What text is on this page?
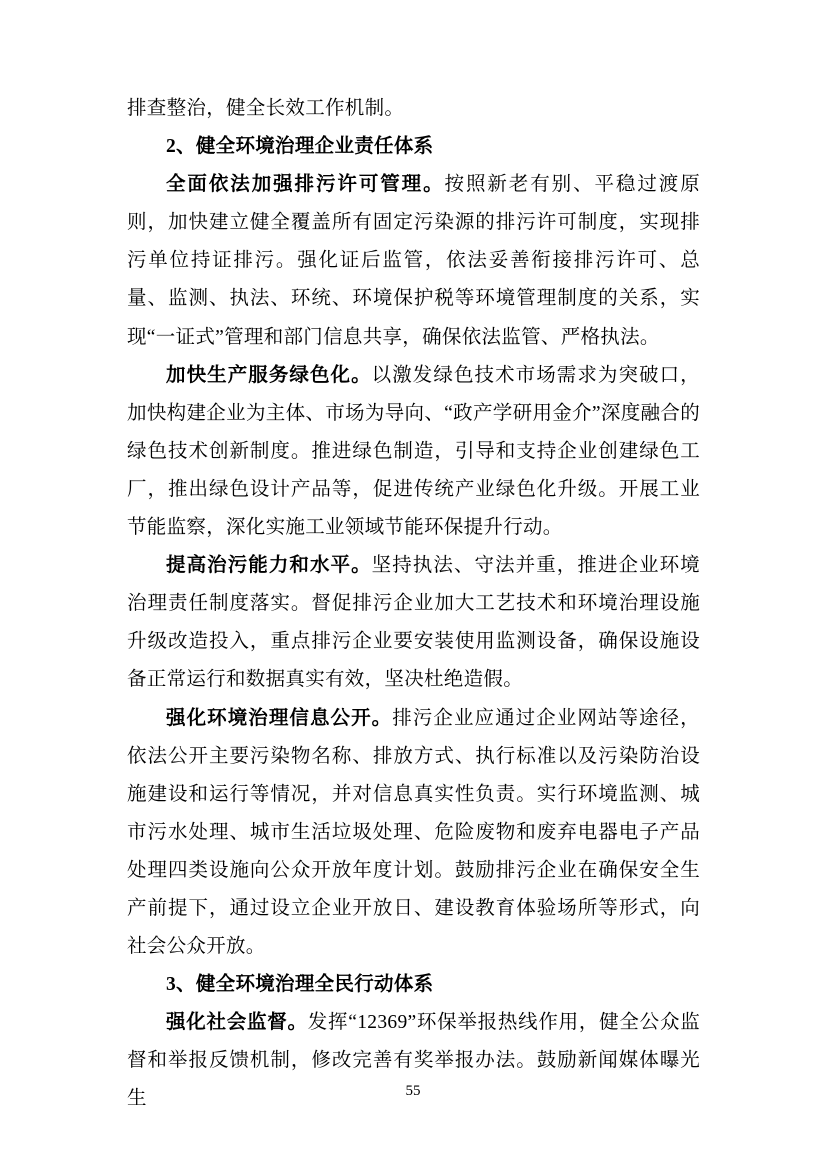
排查整治，健全长效工作机制。

2、健全环境治理企业责任体系

全面依法加强排污许可管理。按照新老有别、平稳过渡原则，加快建立健全覆盖所有固定污染源的排污许可制度，实现排污单位持证排污。强化证后监管，依法妥善衔接排污许可、总量、监测、执法、环统、环境保护税等环境管理制度的关系，实现“一证式”管理和部门信息共享，确保依法监管、严格执法。

加快生产服务绿色化。以激发绿色技术市场需求为突破口，加快构建企业为主体、市场为导向、“政产学研用金介”深度融合的绿色技术创新制度。推进绿色制造，引导和支持企业创建绿色工厂，推出绿色设计产品等，促进传统产业绿色化升级。开展工业节能监察，深化实施工业领域节能环保提升行动。

提高治污能力和水平。坚持执法、守法并重，推进企业环境治理责任制度落实。督促排污企业加大工艺技术和环境治理设施升级改造投入，重点排污企业要安装使用监测设备，确保设施设备正常运行和数据真实有效，坚决杜绝造假。

强化环境治理信息公开。排污企业应通过企业网站等途径，依法公开主要污染物名称、排放方式、执行标准以及污染防治设施建设和运行等情况，并对信息真实性负责。实行环境监测、城市污水处理、城市生活垃圾处理、危险废物和废弃电器电子产品处理四类设施向公众开放年度计划。鼓励排污企业在确保安全生产前提下，通过设立企业开放日、建设教育体验场所等形式，向社会公众开放。

3、健全环境治理全民行动体系

强化社会监督。发挥“12369”环保举报热线作用，健全公众监督和举报反馈机制，修改完善有奖举报办法。鼓励新闻媒体曝光生	55
